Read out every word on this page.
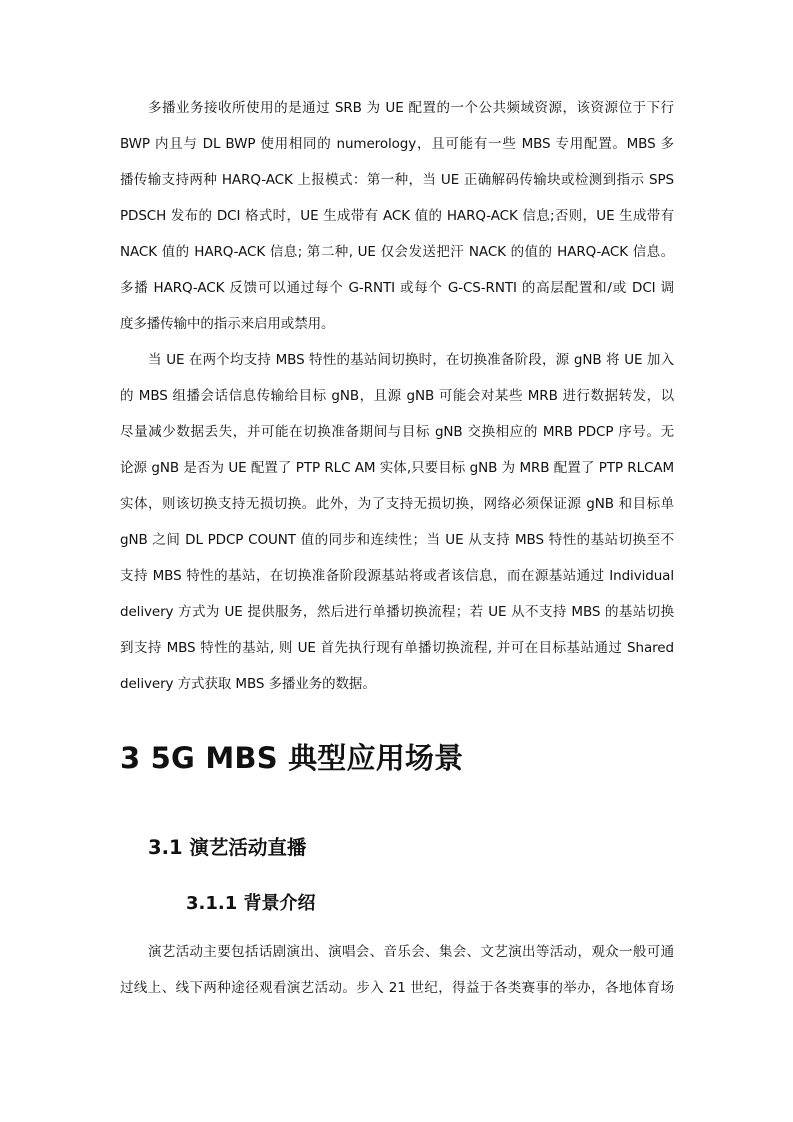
多播业务接收所使用的是通过 SRB 为 UE 配置的一个公共频域资源，该资源位于下行
BWP 内且与 DL BWP 使用相同的 numerology，且可能有一些 MBS 专用配置。MBS 多
播传输支持两种 HARQ-ACK 上报模式：第一种，当 UE 正确解码传输块或检测到指示 SPS
PDSCH 发布的 DCI 格式时，UE 生成带有 ACK 值的 HARQ-ACK 信息;否则，UE 生成带有
NACK 值的 HARQ-ACK 信息; 第二种, UE 仅会发送把汗 NACK 的值的 HARQ-ACK 信息。
多播 HARQ-ACK 反馈可以通过每个 G-RNTI 或每个 G-CS-RNTI 的高层配置和/或 DCI 调
度多播传输中的指示来启用或禁用。
当 UE 在两个均支持 MBS 特性的基站间切换时，在切换准备阶段，源 gNB 将 UE 加入
的 MBS 组播会话信息传输给目标 gNB，且源 gNB 可能会对某些 MRB 进行数据转发，以
尽量减少数据丢失，并可能在切换准备期间与目标 gNB 交换相应的 MRB PDCP 序号。无
论源 gNB 是否为 UE 配置了 PTP RLC AM 实体,只要目标 gNB 为 MRB 配置了 PTP RLCAM
实体，则该切换支持无损切换。此外，为了支持无损切换，网络必须保证源 gNB 和目标单
gNB 之间 DL PDCP COUNT 值的同步和连续性；当 UE 从支持 MBS 特性的基站切换至不
支持 MBS 特性的基站，在切换准备阶段源基站将或者该信息，而在源基站通过 Individual
delivery 方式为 UE 提供服务，然后进行单播切换流程；若 UE 从不支持 MBS 的基站切换
到支持 MBS 特性的基站, 则 UE 首先执行现有单播切换流程, 并可在目标基站通过 Shared
delivery 方式获取 MBS 多播业务的数据。
3 5G MBS 典型应用场景
3.1 演艺活动直播
3.1.1 背景介绍
演艺活动主要包括话剧演出、演唱会、音乐会、集会、文艺演出等活动，观众一般可通
过线上、线下两种途径观看演艺活动。步入 21 世纪，得益于各类赛事的举办，各地体育场
